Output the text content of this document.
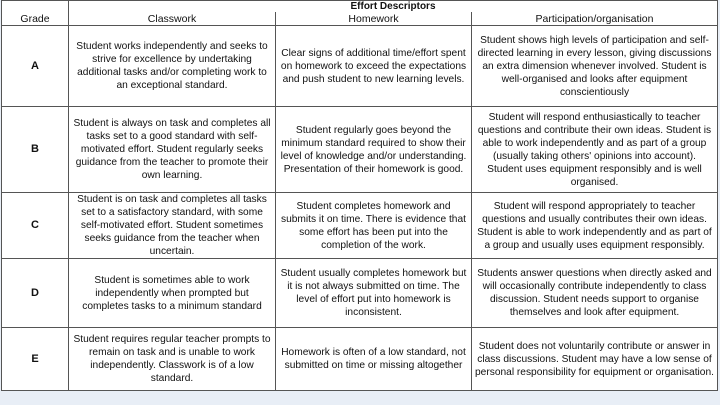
	Effort Descriptors		
Grade	Classwork	Homework	Participation/organisation
A	Student works independently and seeks to strive for excellence by undertaking additional tasks and/or completing work to an exceptional standard.	Clear signs of additional time/effort spent on homework to exceed the expectations and push student to new learning levels.	Student shows high levels of participation and self-directed learning in every lesson, giving discussions an extra dimension whenever involved. Student is well-organised and looks after equipment conscientiously
B	Student is always on task and completes all tasks set to a good standard with self-motivated effort. Student regularly seeks guidance from the teacher to promote their own learning.	Student regularly goes beyond the minimum standard required to show their level of knowledge and/or understanding. Presentation of their homework is good.	Student will respond enthusiastically to teacher questions and contribute their own ideas. Student is able to work independently and as part of a group (usually taking others' opinions into account). Student uses equipment responsibly and is well organised.
C	Student is on task and completes all tasks set to a satisfactory standard, with some self-motivated effort. Student sometimes seeks guidance from the teacher when uncertain.	Student completes homework and submits it on time. There is evidence that some effort has been put into the completion of the work.	Student will respond appropriately to teacher questions and usually contributes their own ideas. Student is able to work independently and as part of a group and usually uses equipment responsibly.
D	Student is sometimes able to work independently when prompted but completes tasks to a minimum standard	Student usually completes homework but it is not always submitted on time. The level of effort put into homework is inconsistent.	Students answer questions when directly asked and will occasionally contribute independently to class discussion. Student needs support to organise themselves and look after equipment.
E	Student requires regular teacher prompts to remain on task and is unable to work independently. Classwork is of a low standard.	Homework is often of a low standard, not submitted on time or missing altogether	Student does not voluntarily contribute or answer in class discussions. Student may have a low sense of personal responsibility for equipment or organisation.
